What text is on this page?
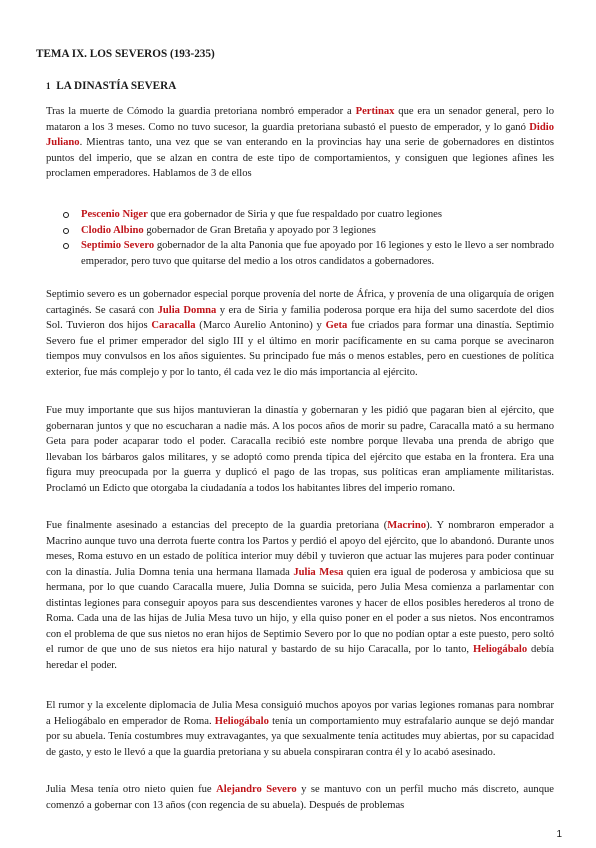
TEMA IX. LOS SEVEROS (193-235)
1 LA DINASTÍA SEVERA

Tras la muerte de Cómodo la guardia pretoriana nombró emperador a Pertinax que era un senador general, pero lo mataron a los 3 meses. Como no tuvo sucesor, la guardia pretoriana subastó el puesto de emperador, y lo ganó Didio Juliano. Mientras tanto, una vez que se van enterando en la provincias hay una serie de gobernadores en distintos puntos del imperio, que se alzan en contra de este tipo de comportamientos, y consiguen que legiones afines les proclamen emperadores. Hablamos de 3 de ellos

Pescenio Niger que era gobernador de Siria y que fue respaldado por cuatro legiones
Clodio Albino gobernador de Gran Bretaña y apoyado por 3 legiones
Septimio Severo gobernador de la alta Panonia que fue apoyado por 16 legiones y esto le llevo a ser nombrado emperador, pero tuvo que quitarse del medio a los otros candidatos a gobernadores.

Septimio severo es un gobernador especial porque provenía del norte de África, y provenía de una oligarquía de origen cartaginés. Se casará con Julia Domna y era de Siria y familia poderosa porque era hija del sumo sacerdote del dios Sol. Tuvieron dos hijos Caracalla (Marco Aurelio Antonino) y Geta fue criados para formar una dinastía. Septimio Severo fue el primer emperador del siglo III y el último en morir pacíficamente en su cama porque se avecinaron tiempos muy convulsos en los años siguientes. Su principado fue más o menos estables, pero en cuestiones de política exterior, fue más complejo y por lo tanto, él cada vez le dio más importancia al ejército.

Fue muy importante que sus hijos mantuvieran la dinastía y gobernaran y les pidió que pagaran bien al ejército, que gobernaran juntos y que no escucharan a nadie más. A los pocos años de morir su padre, Caracalla mató a su hermano Geta para poder acaparar todo el poder. Caracalla recibió este nombre porque llevaba una prenda de abrigo que llevaban los bárbaros galos militares, y se adoptó como prenda típica del ejército que estaba en la frontera. Era una figura muy preocupada por la guerra y duplicó el pago de las tropas, sus políticas eran ampliamente militaristas. Proclamó un Edicto que otorgaba la ciudadanía a todos los habitantes libres del imperio romano.

Fue finalmente asesinado a estancias del precepto de la guardia pretoriana (Macrino). Y nombraron emperador a Macrino aunque tuvo una derrota fuerte contra los Partos y perdió el apoyo del ejército, que lo abandonó. Durante unos meses, Roma estuvo en un estado de política interior muy débil y tuvieron que actuar las mujeres para poder continuar con la dinastía. Julia Domna tenia una hermana llamada Julia Mesa quien era igual de poderosa y ambiciosa que su hermana, por lo que cuando Caracalla muere, Julia Domna se suicida, pero Julia Mesa comienza a parlamentar con distintas legiones para conseguir apoyos para sus descendientes varones y hacer de ellos posibles herederos al trono de Roma. Cada una de las hijas de Julia Mesa tuvo un hijo, y ella quiso poner en el poder a sus nietos. Nos encontramos con el problema de que sus nietos no eran hijos de Septimio Severo por lo que no podían optar a este puesto, pero soltó el rumor de que uno de sus nietos era hijo natural y bastardo de su hijo Caracalla, por lo tanto, Heliogábalo debía heredar el poder.

El rumor y la excelente diplomacia de Julia Mesa consiguió muchos apoyos por varias legiones romanas para nombrar a Heliogábalo en emperador de Roma. Heliogábalo tenía un comportamiento muy estrafalario aunque se dejó mandar por su abuela. Tenía costumbres muy extravagantes, ya que sexualmente tenía actitudes muy abiertas, por su capacidad de gasto, y esto le llevó a que la guardia pretoriana y su abuela conspiraran contra él y lo acabó asesinado.

Julia Mesa tenía otro nieto quien fue Alejandro Severo y se mantuvo con un perfil mucho más discreto, aunque comenzó a gobernar con 13 años (con regencia de su abuela). Después de problemas

1
